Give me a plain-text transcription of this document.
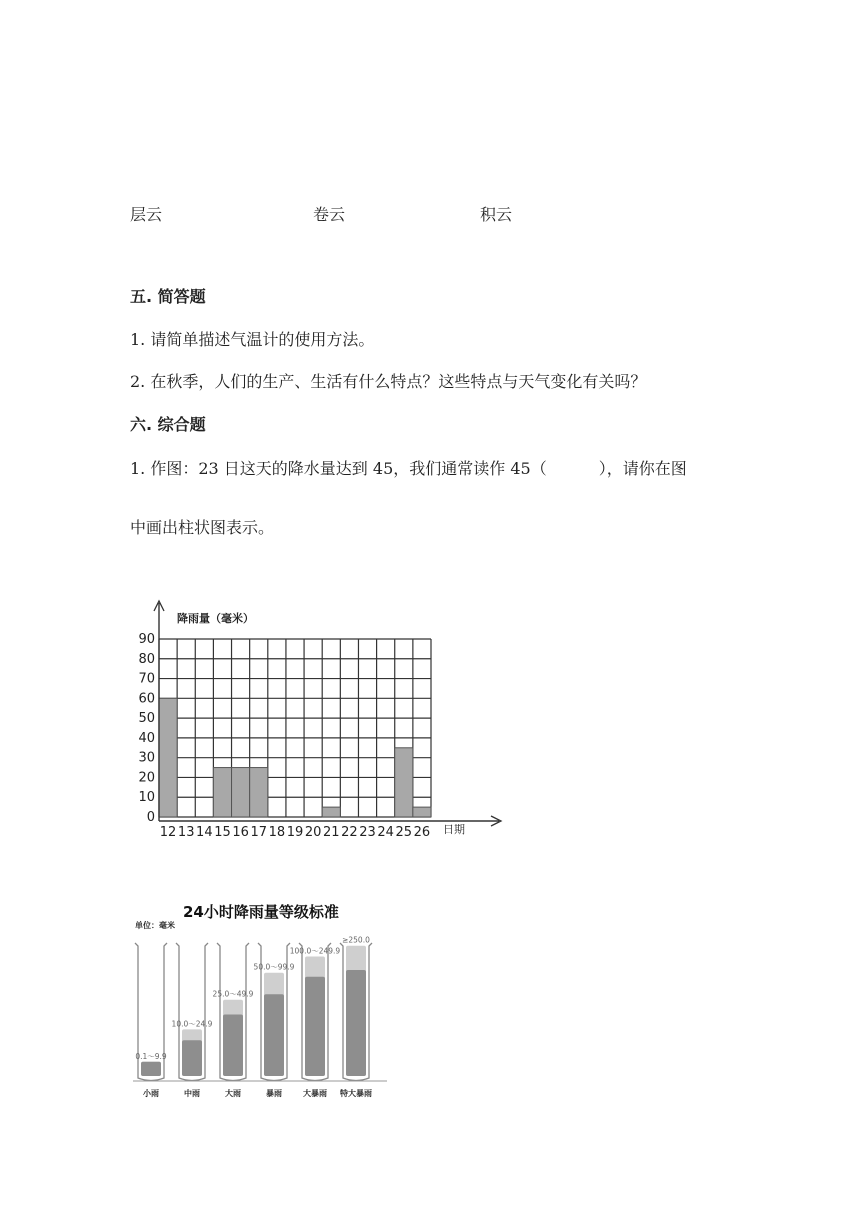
层云	卷云	积云
五. 简答题
1. 请简单描述气温计的使用方法。
2. 在秋季，人们的生产、生活有什么特点？这些特点与天气变化有关吗？
六. 综合题
1. 作图：23 日这天的降水量达到 45，我们通常读作 45（	），请你在图
中画出柱状图表示。
0
10
20
30
40
50
60
70
80
90
12 13 14 15 16 17 18 19 20 21 22 23 24 25 26
降雨量（毫米）
日期
24小时降雨量等级标准
单位：毫米
0.1～9.9
小雨
10.0～24.9
中雨
25.0～49.9
大雨
50.0～99.9
暴雨
100.0～249.9
大暴雨
≥250.0
特大暴雨
